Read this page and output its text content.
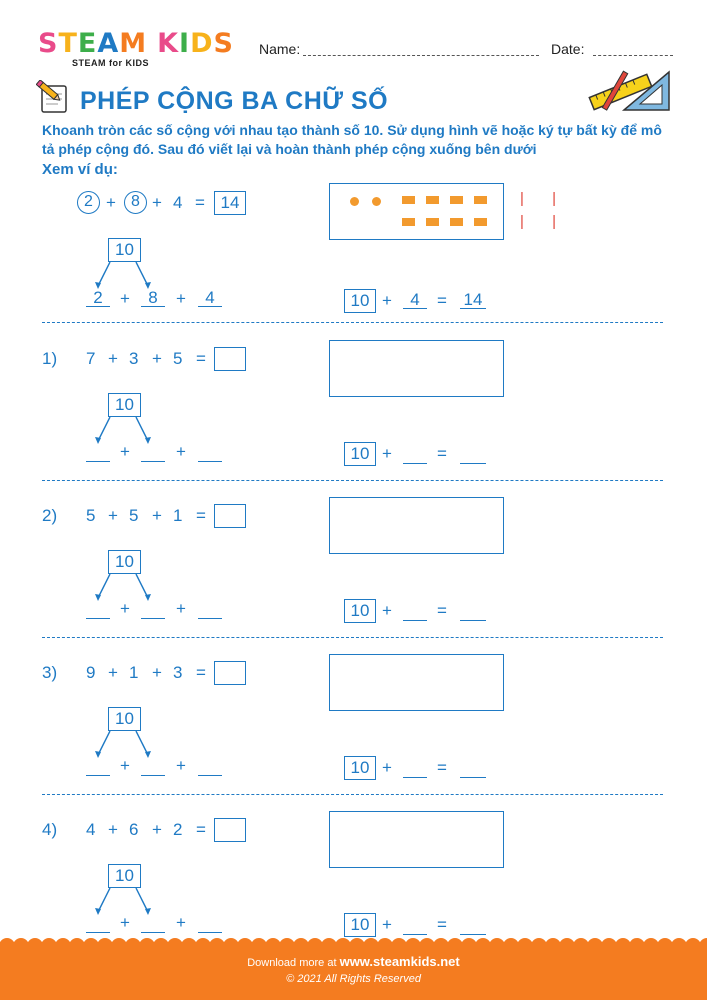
STEAM KIDS
STEAM for KIDS
Name:	Date:
PHÉP CỘNG BA CHỮ SỐ
Khoanh tròn các số cộng với nhau tạo thành số 10. Sử dụng hình vẽ hoặc ký tự bất kỳ để mô tả phép cộng đó. Sau đó viết lại và hoàn thành phép cộng xuống bên dưới
Xem ví dụ:
2 + 8 + 4 = 14
10
2	+	8	+	4
| |
| |
10 +	4	= 14
1) 7 + 3 + 5 =
10
+	+	10 +	=
2) 5 + 5 + 1 =
10
+	+	10 +	=
3) 9 + 1 + 3 =
10
+	+	10 +	=
4) 4 + 6 + 2 =
10
+	+	10 +	=
Download more at www.steamkids.net
© 2021 All Rights Reserved
